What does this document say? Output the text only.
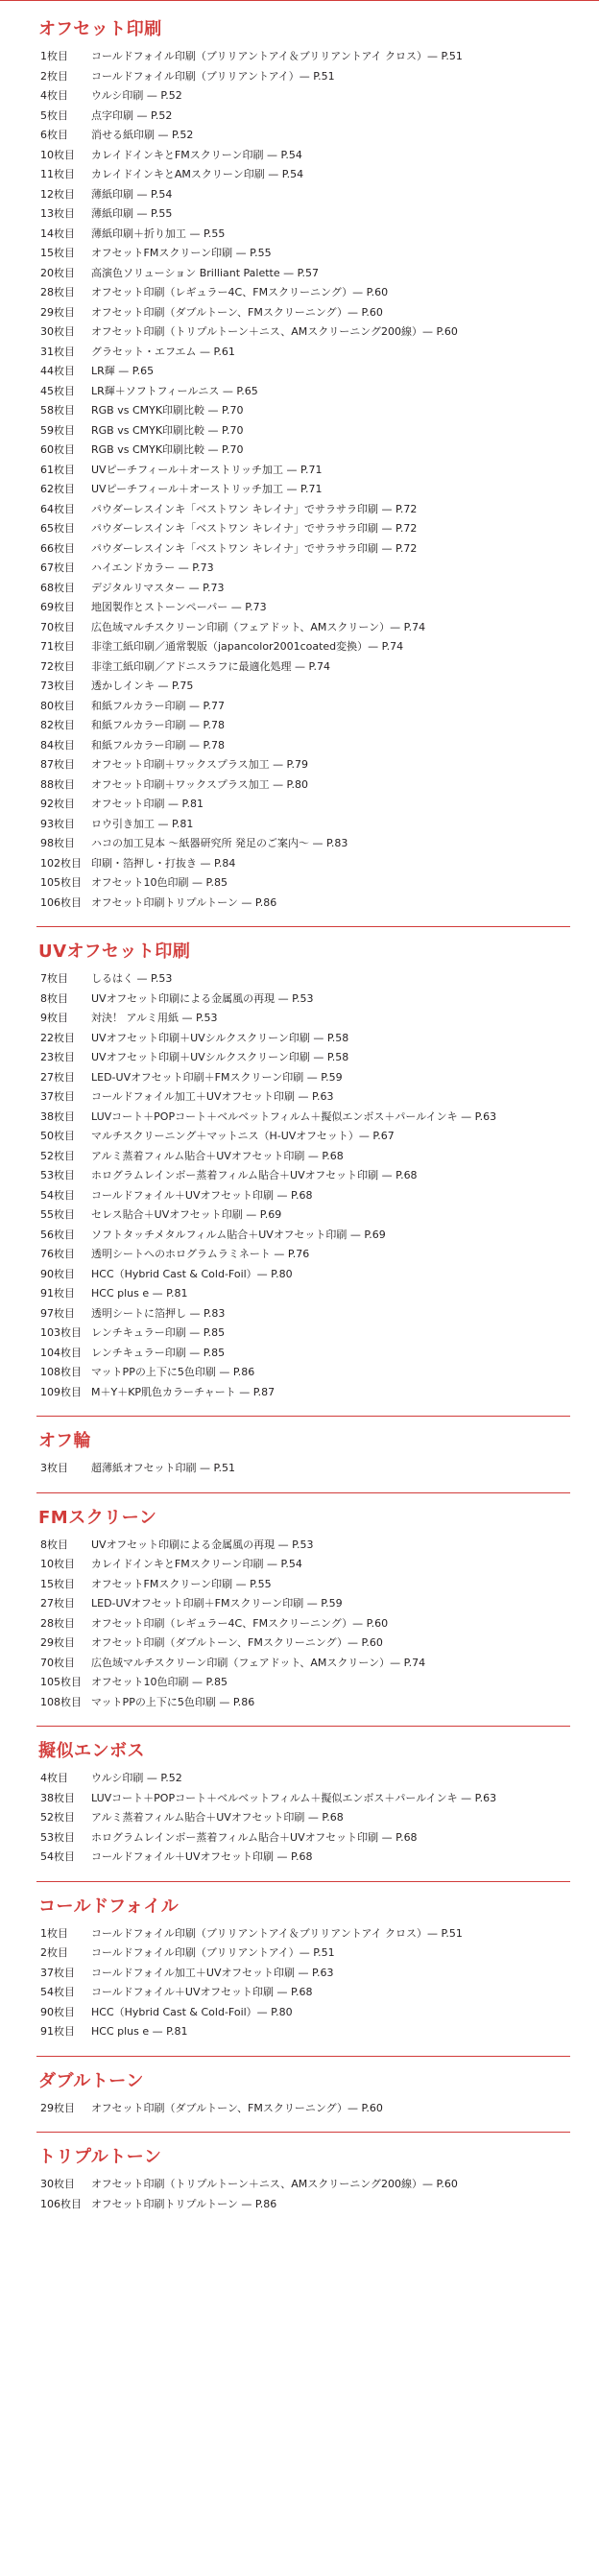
オフセット印刷
1枚目	コールドフォイル印刷（ブリリアントアイ＆ブリリアントアイ クロス）— P.51
2枚目	コールドフォイル印刷（ブリリアントアイ）— P.51
4枚目	ウルシ印刷 — P.52
5枚目	点字印刷 — P.52
6枚目	消せる紙印刷 — P.52
10枚目	カレイドインキとFMスクリーン印刷 — P.54
11枚目	カレイドインキとAMスクリーン印刷 — P.54
12枚目	薄紙印刷 — P.54
13枚目	薄紙印刷 — P.55
14枚目	薄紙印刷＋折り加工 — P.55
15枚目	オフセットFMスクリーン印刷 — P.55
20枚目	高演色ソリューション Brilliant Palette — P.57
28枚目	オフセット印刷（レギュラー4C、FMスクリーニング）— P.60
29枚目	オフセット印刷（ダブルトーン、FMスクリーニング）— P.60
30枚目	オフセット印刷（トリプルトーン＋ニス、AMスクリーニング200線）— P.60
31枚目	グラセット・エフエム — P.61
44枚目	LR輝 — P.65
45枚目	LR輝＋ソフトフィールニス — P.65
58枚目	RGB vs CMYK印刷比較 — P.70
59枚目	RGB vs CMYK印刷比較 — P.70
60枚目	RGB vs CMYK印刷比較 — P.70
61枚目	UVピーチフィール＋オーストリッチ加工 — P.71
62枚目	UVピーチフィール＋オーストリッチ加工 — P.71
64枚目	パウダーレスインキ「ベストワン キレイナ」でサラサラ印刷 — P.72
65枚目	パウダーレスインキ「ベストワン キレイナ」でサラサラ印刷 — P.72
66枚目	パウダーレスインキ「ベストワン キレイナ」でサラサラ印刷 — P.72
67枚目	ハイエンドカラー — P.73
68枚目	デジタルリマスター — P.73
69枚目	地図製作とストーンペーパー — P.73
70枚目	広色域マルチスクリーン印刷（フェアドット、AMスクリーン）— P.74
71枚目	非塗工紙印刷／通常製版（japancolor2001coated変換）— P.74
72枚目	非塗工紙印刷／アドニスラフに最適化処理 — P.74
73枚目	透かしインキ — P.75
80枚目	和紙フルカラー印刷 — P.77
82枚目	和紙フルカラー印刷 — P.78
84枚目	和紙フルカラー印刷 — P.78
87枚目	オフセット印刷＋ワックスプラス加工 — P.79
88枚目	オフセット印刷＋ワックスプラス加工 — P.80
92枚目	オフセット印刷 — P.81
93枚目	ロウ引き加工 — P.81
98枚目	ハコの加工見本 〜紙器研究所 発足のご案内〜 — P.83
102枚目 印刷・箔押し・打抜き — P.84
105枚目 オフセット10色印刷 — P.85
106枚目 オフセット印刷トリプルトーン — P.86
UVオフセット印刷
7枚目	しるはく — P.53
8枚目	UVオフセット印刷による金属風の再現 — P.53
9枚目	対決！ アルミ用紙 — P.53
22枚目	UVオフセット印刷＋UVシルクスクリーン印刷 — P.58
23枚目	UVオフセット印刷＋UVシルクスクリーン印刷 — P.58
27枚目	LED-UVオフセット印刷＋FMスクリーン印刷 — P.59
37枚目	コールドフォイル加工＋UVオフセット印刷 — P.63
38枚目	LUVコート＋POPコート＋ベルベットフィルム＋擬似エンボス＋パールインキ — P.63
50枚目	マルチスクリーニング＋マットニス（H-UVオフセット）— P.67
52枚目	アルミ蒸着フィルム貼合＋UVオフセット印刷 — P.68
53枚目	ホログラムレインボー蒸着フィルム貼合＋UVオフセット印刷 — P.68
54枚目	コールドフォイル＋UVオフセット印刷 — P.68
55枚目	セレス貼合＋UVオフセット印刷 — P.69
56枚目	ソフトタッチメタルフィルム貼合＋UVオフセット印刷 — P.69
76枚目	透明シートへのホログラムラミネート — P.76
90枚目	HCC（Hybrid Cast & Cold-Foil）— P.80
91枚目	HCC plus e — P.81
97枚目	透明シートに箔押し — P.83
103枚目 レンチキュラー印刷 — P.85
104枚目 レンチキュラー印刷 — P.85
108枚目 マットPPの上下に5色印刷 — P.86
109枚目 M＋Y＋KP肌色カラーチャート — P.87
オフ輪
3枚目	超薄紙オフセット印刷 — P.51
FMスクリーン
8枚目	UVオフセット印刷による金属風の再現 — P.53
10枚目	カレイドインキとFMスクリーン印刷 — P.54
15枚目	オフセットFMスクリーン印刷 — P.55
27枚目	LED-UVオフセット印刷＋FMスクリーン印刷 — P.59
28枚目	オフセット印刷（レギュラー4C、FMスクリーニング）— P.60
29枚目	オフセット印刷（ダブルトーン、FMスクリーニング）— P.60
70枚目	広色域マルチスクリーン印刷（フェアドット、AMスクリーン）— P.74
105枚目 オフセット10色印刷 — P.85
108枚目 マットPPの上下に5色印刷 — P.86
擬似エンボス
4枚目	ウルシ印刷 — P.52
38枚目	LUVコート＋POPコート＋ベルベットフィルム＋擬似エンボス＋パールインキ — P.63
52枚目	アルミ蒸着フィルム貼合＋UVオフセット印刷 — P.68
53枚目	ホログラムレインボー蒸着フィルム貼合＋UVオフセット印刷 — P.68
54枚目	コールドフォイル＋UVオフセット印刷 — P.68
コールドフォイル
1枚目	コールドフォイル印刷（ブリリアントアイ＆ブリリアントアイ クロス）— P.51
2枚目	コールドフォイル印刷（ブリリアントアイ）— P.51
37枚目	コールドフォイル加工＋UVオフセット印刷 — P.63
54枚目	コールドフォイル＋UVオフセット印刷 — P.68
90枚目	HCC（Hybrid Cast & Cold-Foil）— P.80
91枚目	HCC plus e — P.81
ダブルトーン
29枚目	オフセット印刷（ダブルトーン、FMスクリーニング）— P.60
トリプルトーン
30枚目	オフセット印刷（トリプルトーン＋ニス、AMスクリーニング200線）— P.60
106枚目 オフセット印刷トリプルトーン — P.86
